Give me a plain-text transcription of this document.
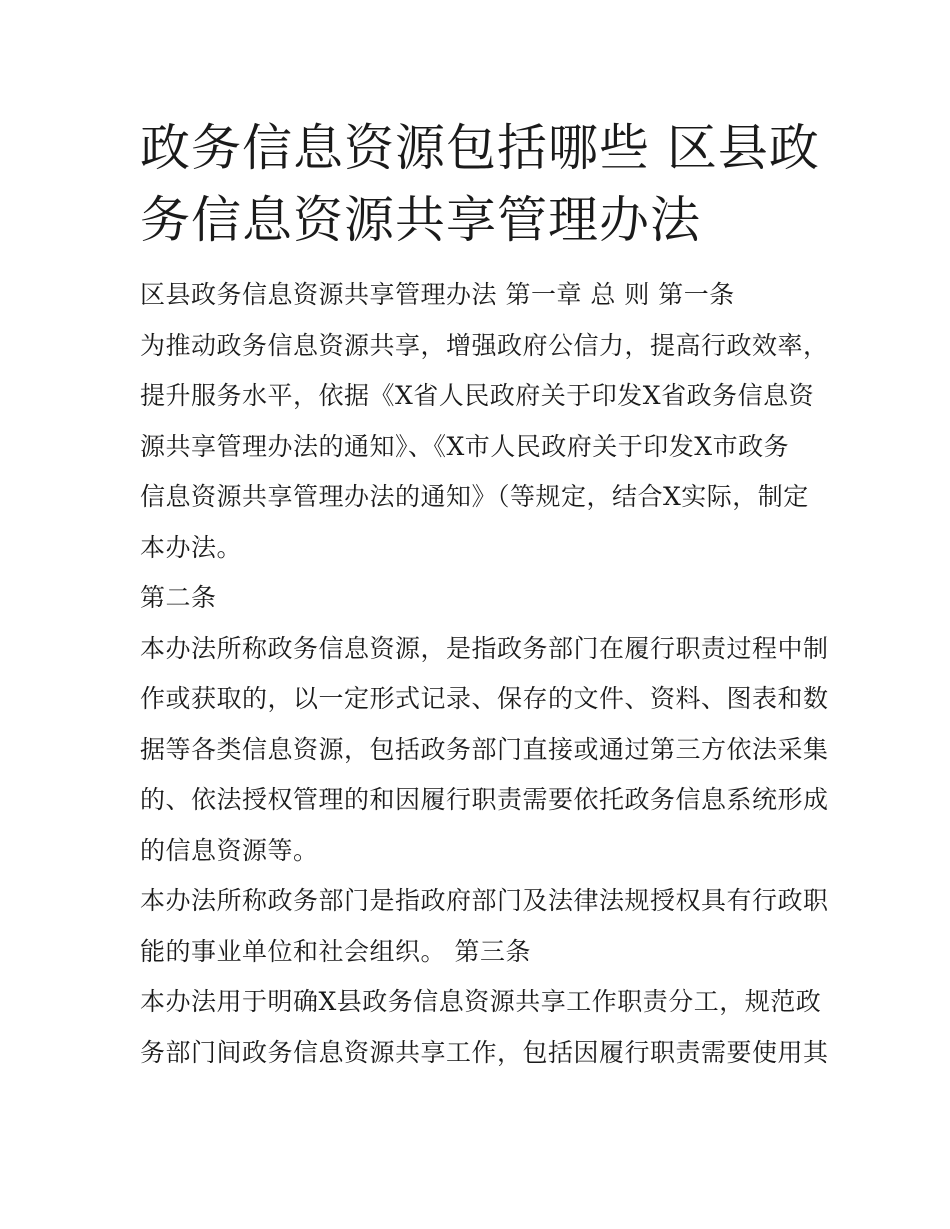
政务信息资源包括哪些 区县政
务信息资源共享管理办法
区县政务信息资源共享管理办法 第一章 总 则 第一条
为推动政务信息资源共享，增强政府公信力，提高行政效率，
提升服务水平，依据《X省人民政府关于印发X省政务信息资
源共享管理办法的通知》、《X市人民政府关于印发X市政务
信息资源共享管理办法的通知》（等规定，结合X实际，制定
本办法。
第二条
本办法所称政务信息资源，是指政务部门在履行职责过程中制
作或获取的，以一定形式记录、保存的文件、资料、图表和数
据等各类信息资源，包括政务部门直接或通过第三方依法采集
的、依法授权管理的和因履行职责需要依托政务信息系统形成
的信息资源等。
本办法所称政务部门是指政府部门及法律法规授权具有行政职
能的事业单位和社会组织。 第三条
本办法用于明确X县政务信息资源共享工作职责分工，规范政
务部门间政务信息资源共享工作，包括因履行职责需要使用其
